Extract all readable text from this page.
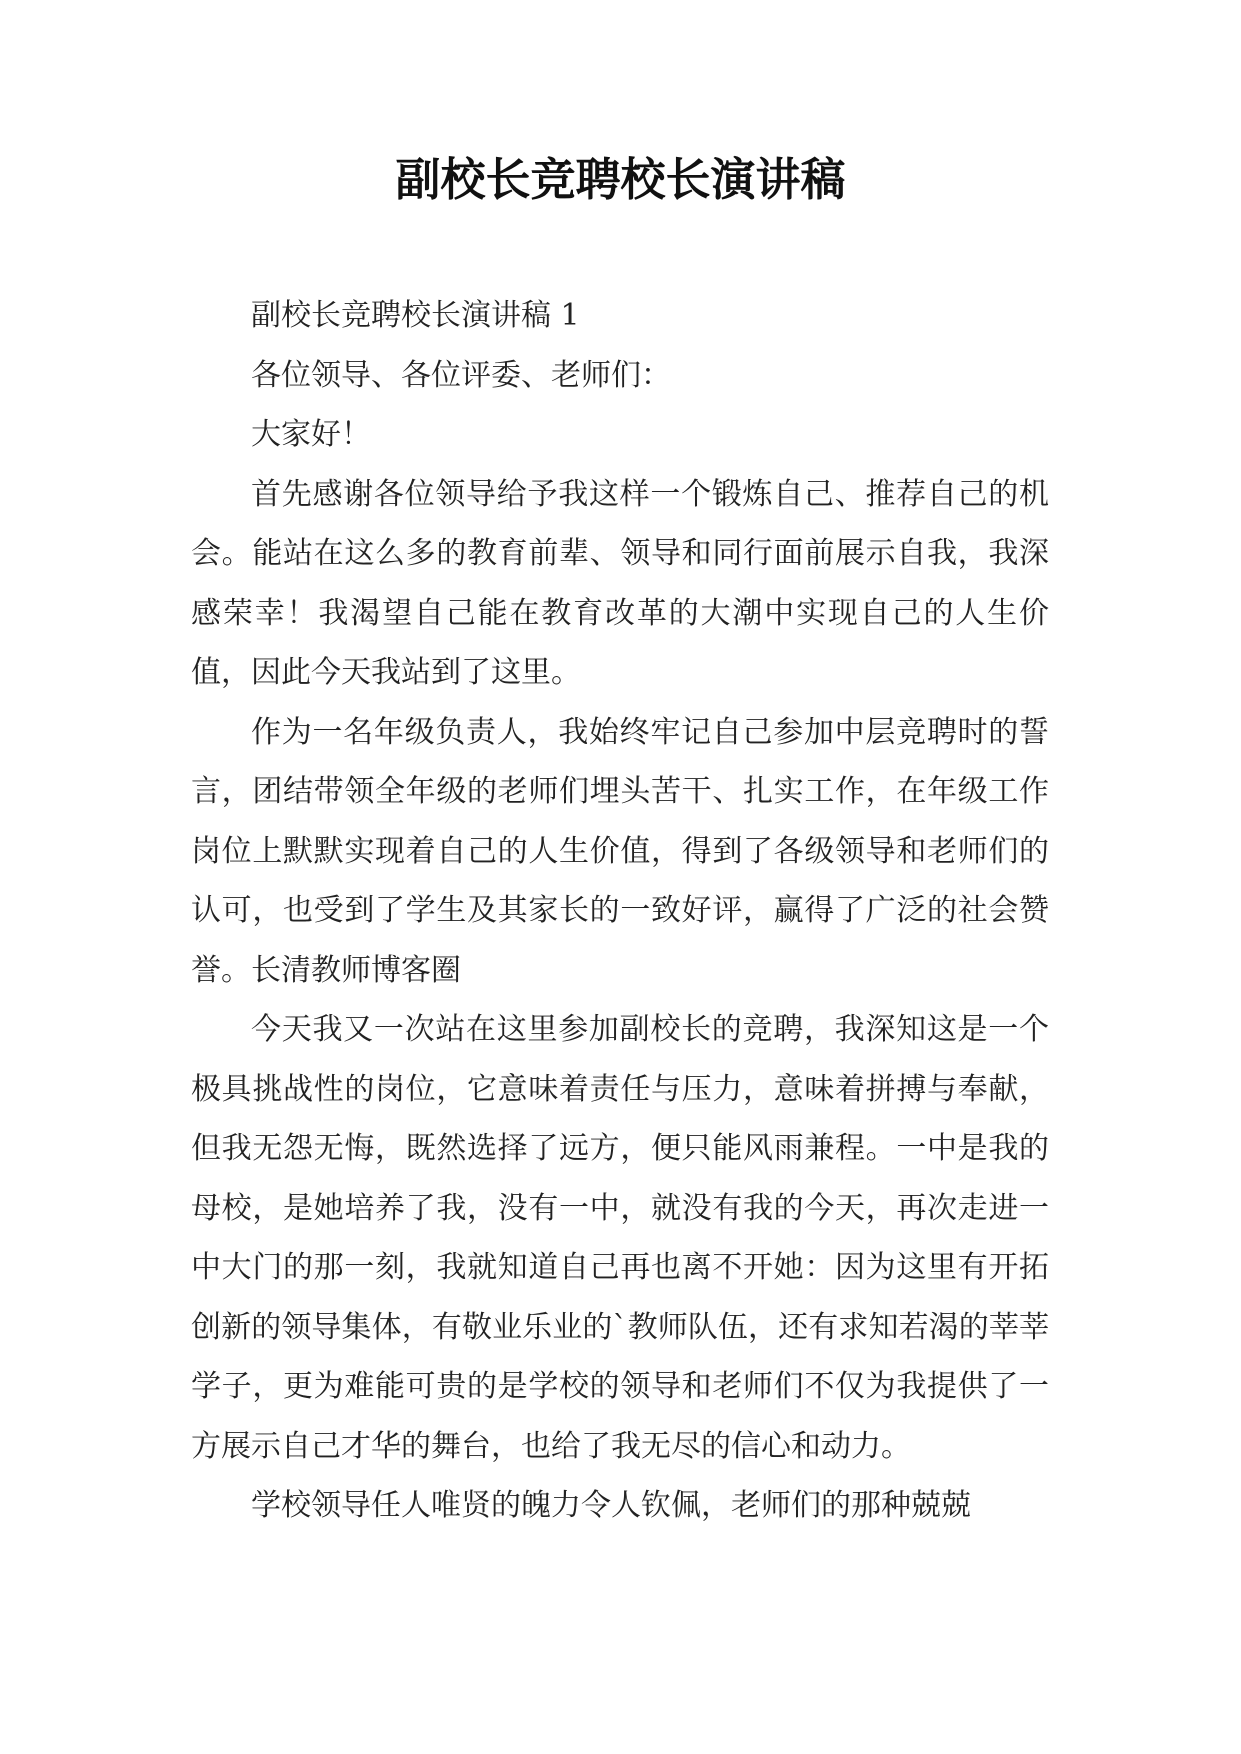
副校长竞聘校长演讲稿

副校长竞聘校长演讲稿 1

各位领导、各位评委、老师们：

大家好！

首先感谢各位领导给予我这样一个锻炼自己、推荐自己的机会。能站在这么多的教育前辈、领导和同行面前展示自我，我深感荣幸！我渴望自己能在教育改革的大潮中实现自己的人生价值，因此今天我站到了这里。

作为一名年级负责人，我始终牢记自己参加中层竞聘时的誓言，团结带领全年级的老师们埋头苦干、扎实工作，在年级工作岗位上默默实现着自己的人生价值，得到了各级领导和老师们的认可，也受到了学生及其家长的一致好评，赢得了广泛的社会赞誉。长清教师博客圈

今天我又一次站在这里参加副校长的竞聘，我深知这是一个极具挑战性的岗位，它意味着责任与压力，意味着拼搏与奉献，但我无怨无悔，既然选择了远方，便只能风雨兼程。一中是我的母校，是她培养了我，没有一中，就没有我的今天，再次走进一中大门的那一刻，我就知道自己再也离不开她：因为这里有开拓创新的领导集体，有敬业乐业的`教师队伍，还有求知若渴的莘莘学子，更为难能可贵的是学校的领导和老师们不仅为我提供了一方展示自己才华的舞台，也给了我无尽的信心和动力。

学校领导任人唯贤的魄力令人钦佩，老师们的那种兢兢
